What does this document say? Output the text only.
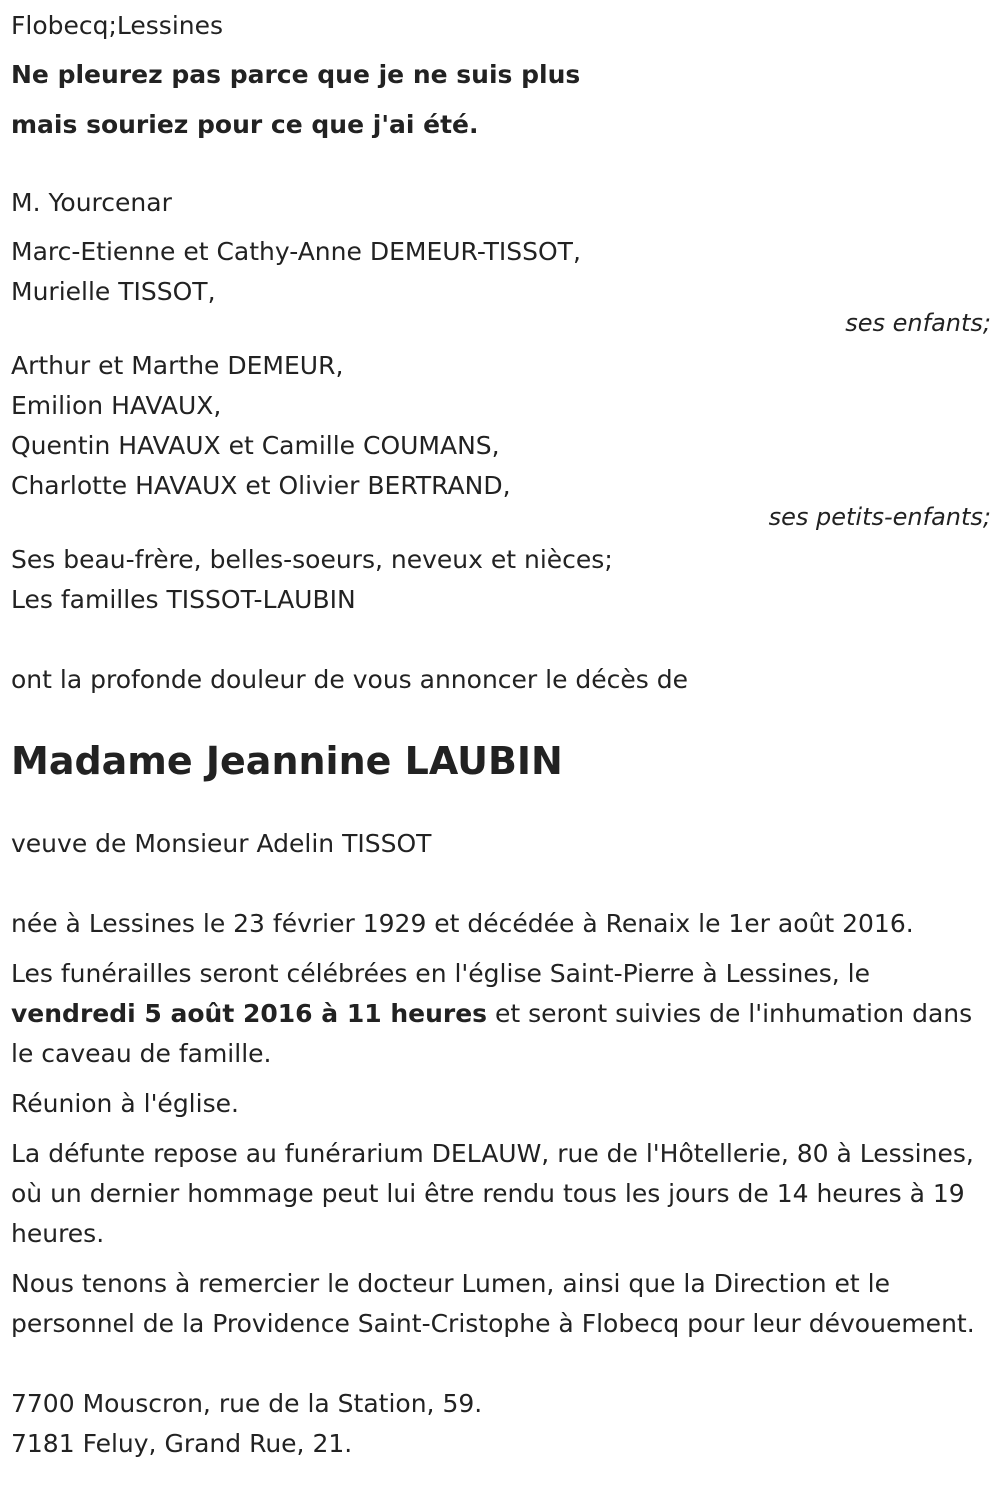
Flobecq;Lessines
Ne pleurez pas parce que je ne suis plus
mais souriez pour ce que j'ai été.
M. Yourcenar
Marc-Etienne et Cathy-Anne DEMEUR-TISSOT,
Murielle TISSOT,
ses enfants;
Arthur et Marthe DEMEUR,
Emilion HAVAUX,
Quentin HAVAUX et Camille COUMANS,
Charlotte HAVAUX et Olivier BERTRAND,
ses petits-enfants;
Ses beau-frère, belles-soeurs, neveux et nièces;
Les familles TISSOT-LAUBIN
ont la profonde douleur de vous annoncer le décès de
Madame Jeannine LAUBIN
veuve de Monsieur Adelin TISSOT
née à Lessines le 23 février 1929 et décédée à Renaix le 1er août 2016.

Les funérailles seront célébrées en l'église Saint-Pierre à Lessines, le
vendredi 5 août 2016 à 11 heures et seront suivies de l'inhumation dans le caveau de famille.

Réunion à l'église.

La défunte repose au funérarium DELAUW, rue de l'Hôtellerie, 80 à Lessines, où un dernier hommage peut lui être rendu tous les jours de 14 heures à 19 heures.

Nous tenons à remercier le docteur Lumen, ainsi que la Direction et le personnel de la Providence Saint-Cristophe à Flobecq pour leur dévouement.

7700 Mouscron, rue de la Station, 59.
7181 Feluy, Grand Rue, 21.
